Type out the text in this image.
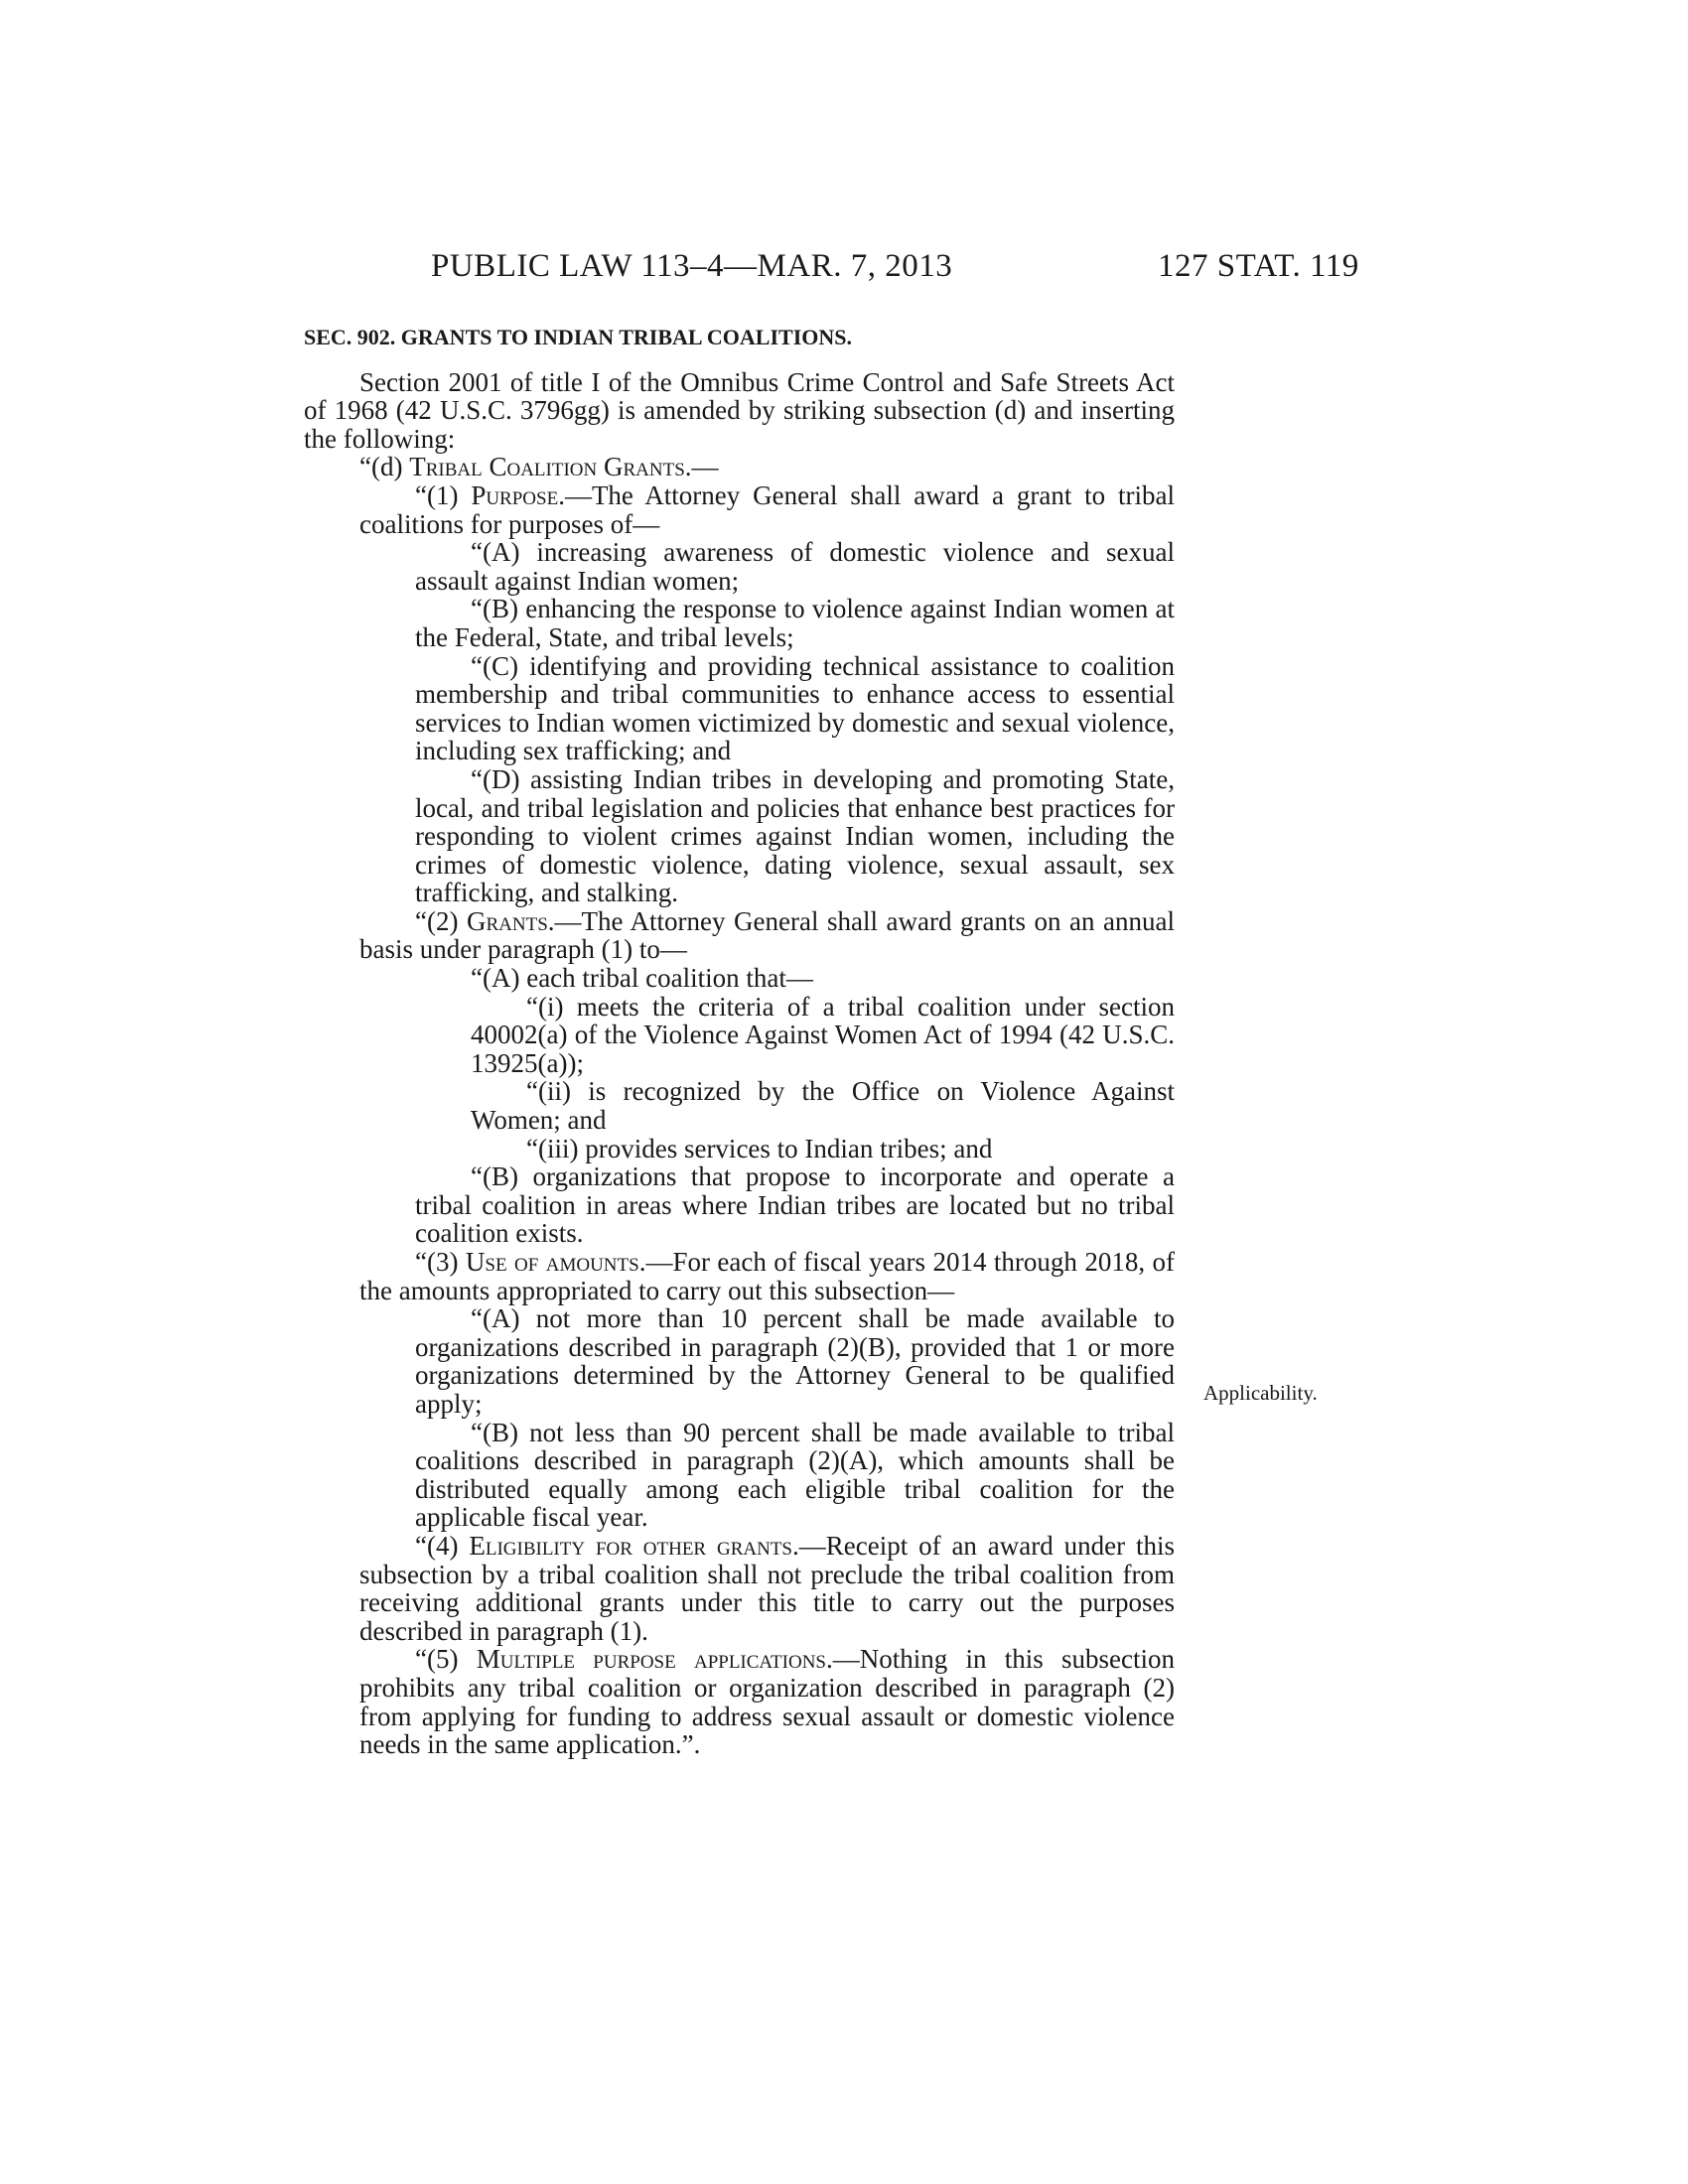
PUBLIC LAW 113–4—MAR. 7, 2013	127 STAT. 119
Applicability.
SEC. 902. GRANTS TO INDIAN TRIBAL COALITIONS.
Section 2001 of title I of the Omnibus Crime Control and Safe Streets Act of 1968 (42 U.S.C. 3796gg) is amended by striking subsection (d) and inserting the following:
“(d) Tribal Coalition Grants.—
“(1) Purpose.—The Attorney General shall award a grant to tribal coalitions for purposes of—
“(A) increasing awareness of domestic violence and sexual assault against Indian women;
“(B) enhancing the response to violence against Indian women at the Federal, State, and tribal levels;
“(C) identifying and providing technical assistance to coalition membership and tribal communities to enhance access to essential services to Indian women victimized by domestic and sexual violence, including sex trafficking; and
“(D) assisting Indian tribes in developing and promoting State, local, and tribal legislation and policies that enhance best practices for responding to violent crimes against Indian women, including the crimes of domestic violence, dating violence, sexual assault, sex trafficking, and stalking.
“(2) Grants.—The Attorney General shall award grants on an annual basis under paragraph (1) to—
“(A) each tribal coalition that—
“(i) meets the criteria of a tribal coalition under section 40002(a) of the Violence Against Women Act of 1994 (42 U.S.C. 13925(a));
“(ii) is recognized by the Office on Violence Against Women; and
“(iii) provides services to Indian tribes; and
“(B) organizations that propose to incorporate and operate a tribal coalition in areas where Indian tribes are located but no tribal coalition exists.
“(3) Use of amounts.—For each of fiscal years 2014 through 2018, of the amounts appropriated to carry out this subsection—
“(A) not more than 10 percent shall be made available to organizations described in paragraph (2)(B), provided that 1 or more organizations determined by the Attorney General to be qualified apply;
“(B) not less than 90 percent shall be made available to tribal coalitions described in paragraph (2)(A), which amounts shall be distributed equally among each eligible tribal coalition for the applicable fiscal year.
“(4) Eligibility for other grants.—Receipt of an award under this subsection by a tribal coalition shall not preclude the tribal coalition from receiving additional grants under this title to carry out the purposes described in paragraph (1).
“(5) Multiple purpose applications.—Nothing in this subsection prohibits any tribal coalition or organization described in paragraph (2) from applying for funding to address sexual assault or domestic violence needs in the same application.”.
